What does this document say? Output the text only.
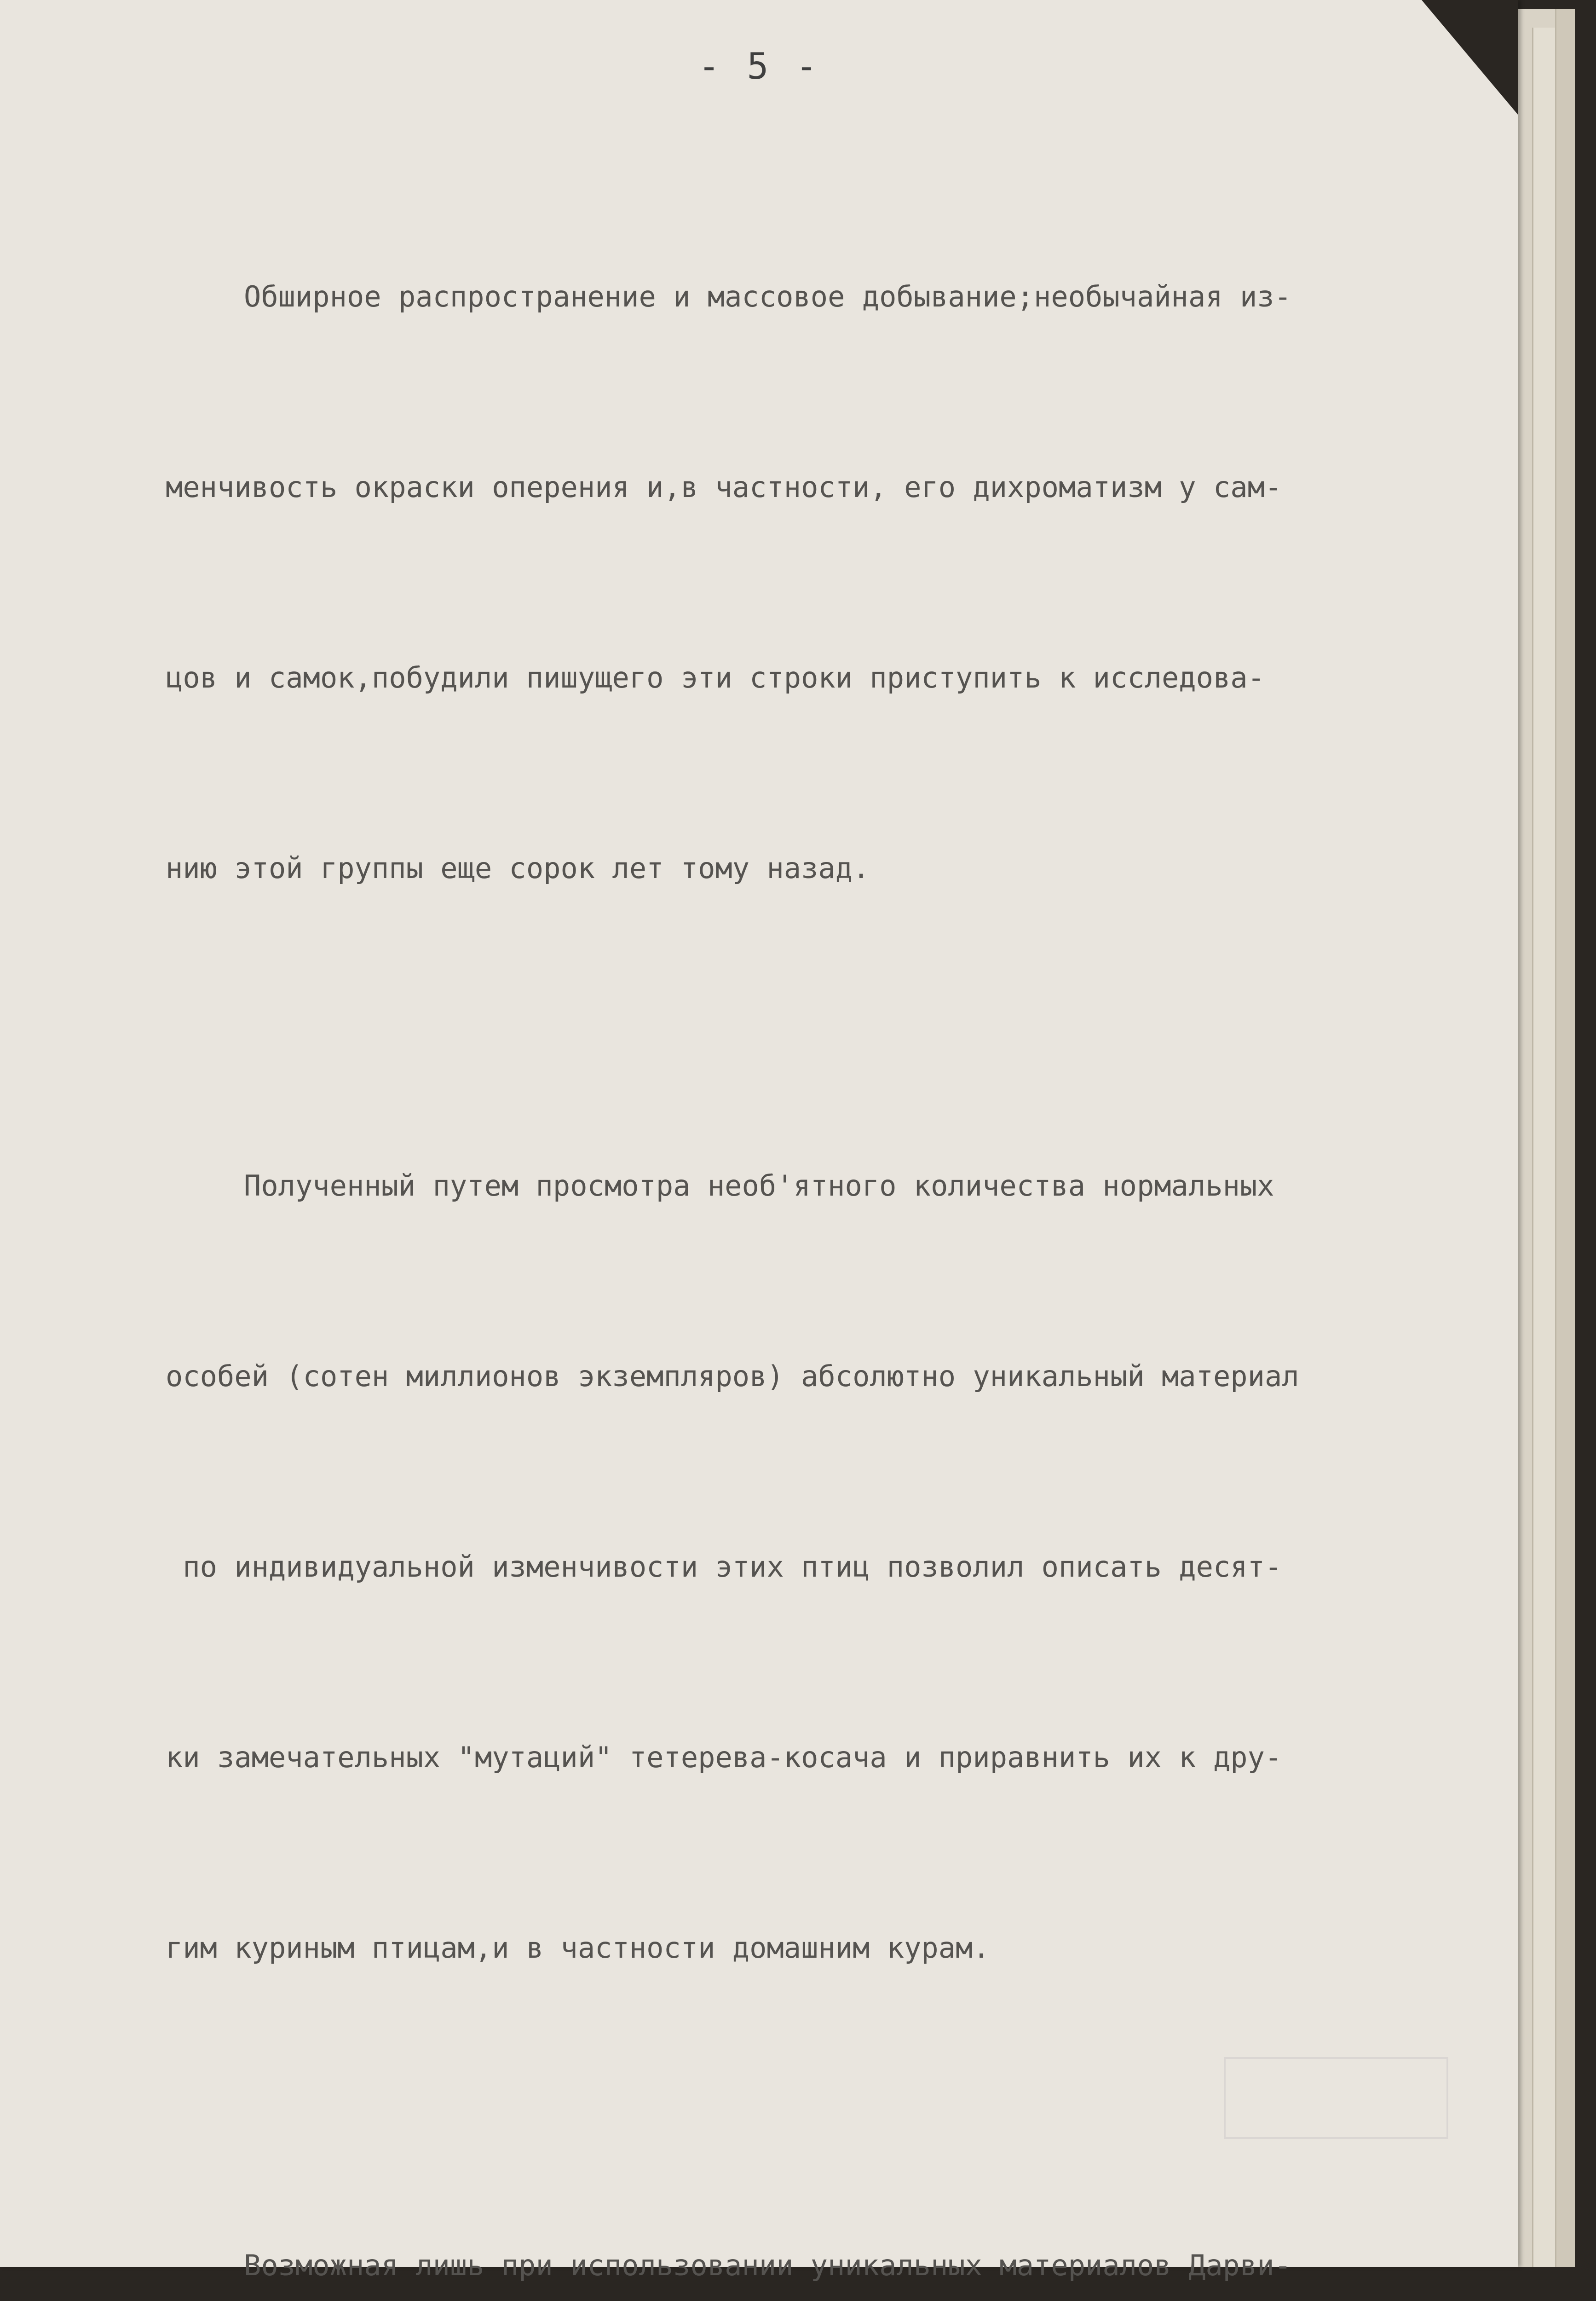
- 5 -

Обширное распространение и массовое добывание;необычайная из-

менчивость окраски оперения и,в частности, его дихроматизм у сам-

цов и самок,побудили пишущего эти строки приступить к исследова-

нию этой группы еще сорок лет тому назад.

Полученный путем просмотра необ'ятного количества нормальных

особей (сотен миллионов экземпляров) абсолютно уникальный материал

по индивидуальной изменчивости этих птиц позволил описать десят-

ки замечательных "мутаций" тетерева-косача и приравнить их к дру-

гим куриным птицам,и в частности домашним курам.

Возможная лишь при использовании уникальных материалов Дарви-
